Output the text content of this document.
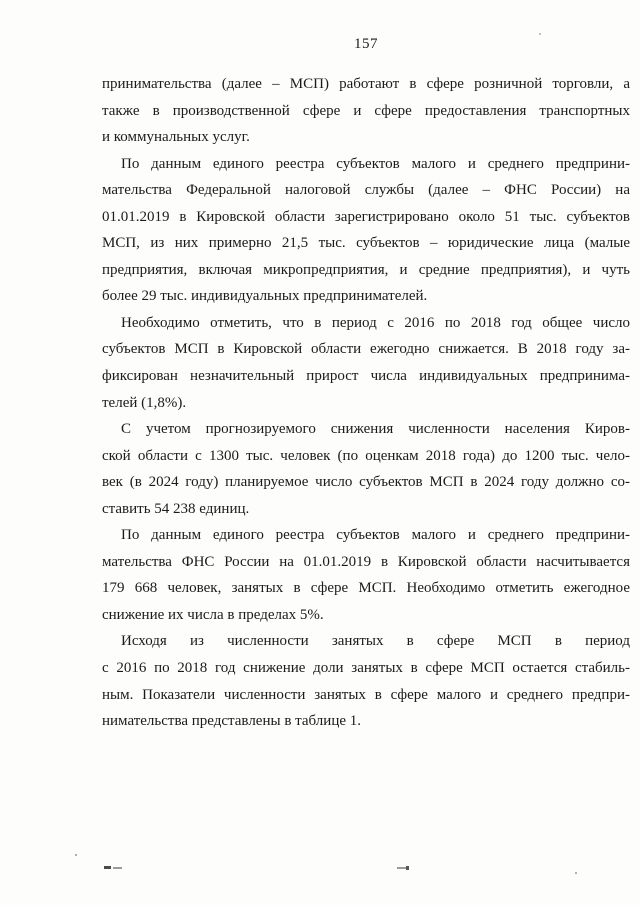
157
принимательства (далее – МСП) работают в сфере розничной торговли, а
также в производственной сфере и сфере предоставления транспортных
и коммунальных услуг.
По данным единого реестра субъектов малого и среднего предприни-
мательства Федеральной налоговой службы (далее – ФНС России) на
01.01.2019 в Кировской области зарегистрировано около 51 тыс. субъектов
МСП, из них примерно 21,5 тыс. субъектов – юридические лица (малые
предприятия, включая микропредприятия, и средние предприятия), и чуть
более 29 тыс. индивидуальных предпринимателей.
Необходимо отметить, что в период с 2016 по 2018 год общее число
субъектов МСП в Кировской области ежегодно снижается. В 2018 году за-
фиксирован незначительный прирост числа индивидуальных предпринима-
телей (1,8%).
С учетом прогнозируемого снижения численности населения Киров-
ской области с 1300 тыс. человек (по оценкам 2018 года) до 1200 тыс. чело-
век (в 2024 году) планируемое число субъектов МСП в 2024 году должно со-
ставить 54 238 единиц.
По данным единого реестра субъектов малого и среднего предприни-
мательства ФНС России на 01.01.2019 в Кировской области насчитывается
179 668 человек, занятых в сфере МСП. Необходимо отметить ежегодное
снижение их числа в пределах 5%.
Исходя из численности занятых в сфере МСП в период
с 2016 по 2018 год снижение доли занятых в сфере МСП остается стабиль-
ным. Показатели численности занятых в сфере малого и среднего предпри-
нимательства представлены в таблице 1.
